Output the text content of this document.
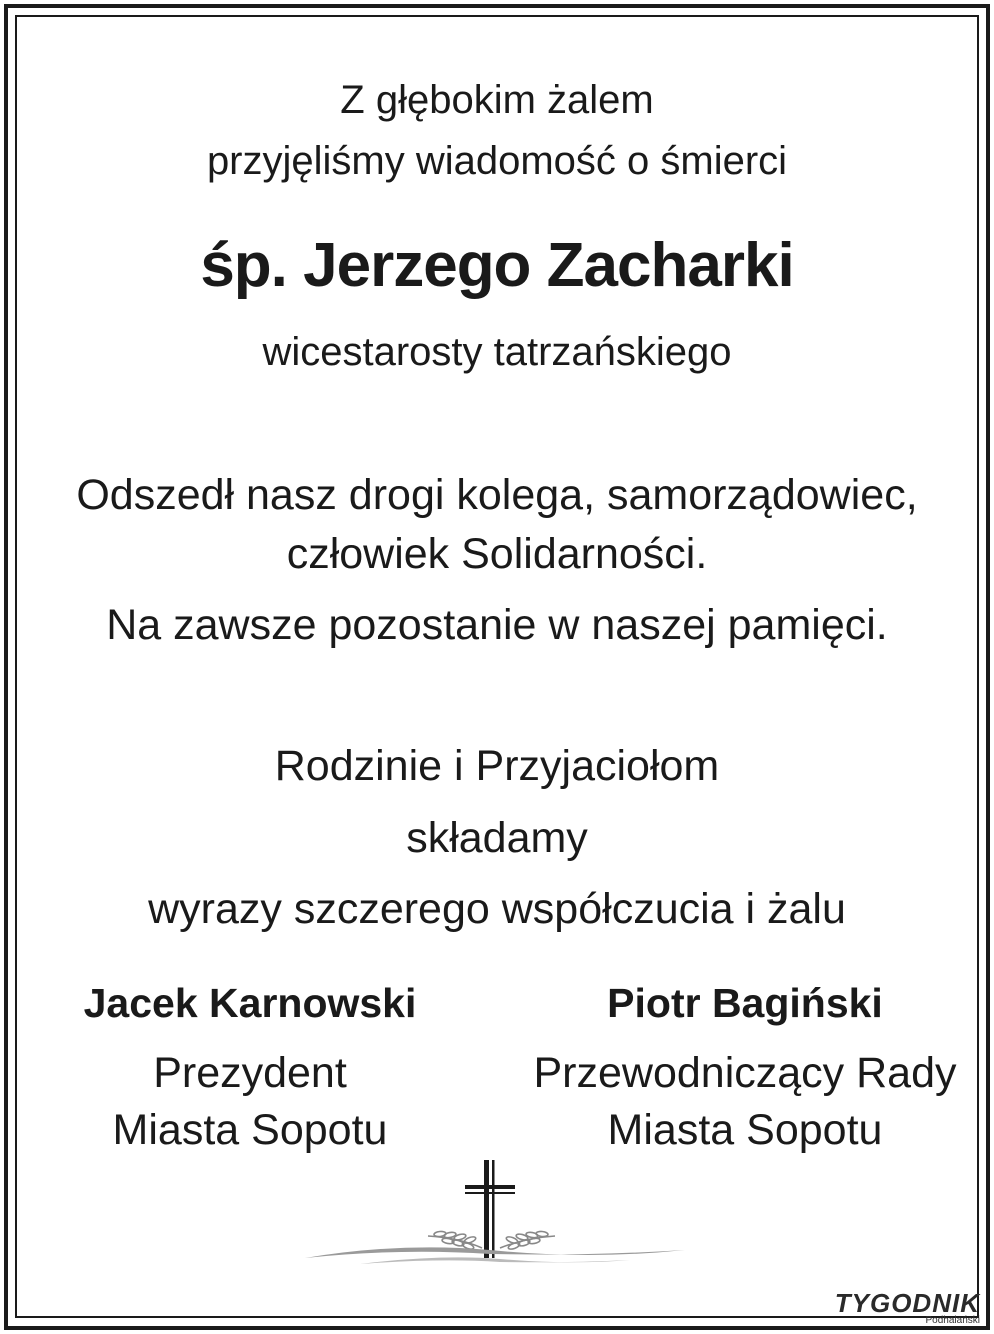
Z głębokim żalem
przyjęliśmy wiadomość o śmierci
śp. Jerzego Zacharki
wicestarosty tatrzańskiego
Odszedł nasz drogi kolega, samorządowiec,
człowiek Solidarności.
Na zawsze pozostanie w naszej pamięci.
Rodzinie i Przyjaciołom
składamy
wyrazy szczerego współczucia i żalu
Jacek Karnowski
Prezydent
Miasta Sopotu
Piotr Bagiński
Przewodniczący Rady
Miasta Sopotu
TYGODNIK
Podhalański
